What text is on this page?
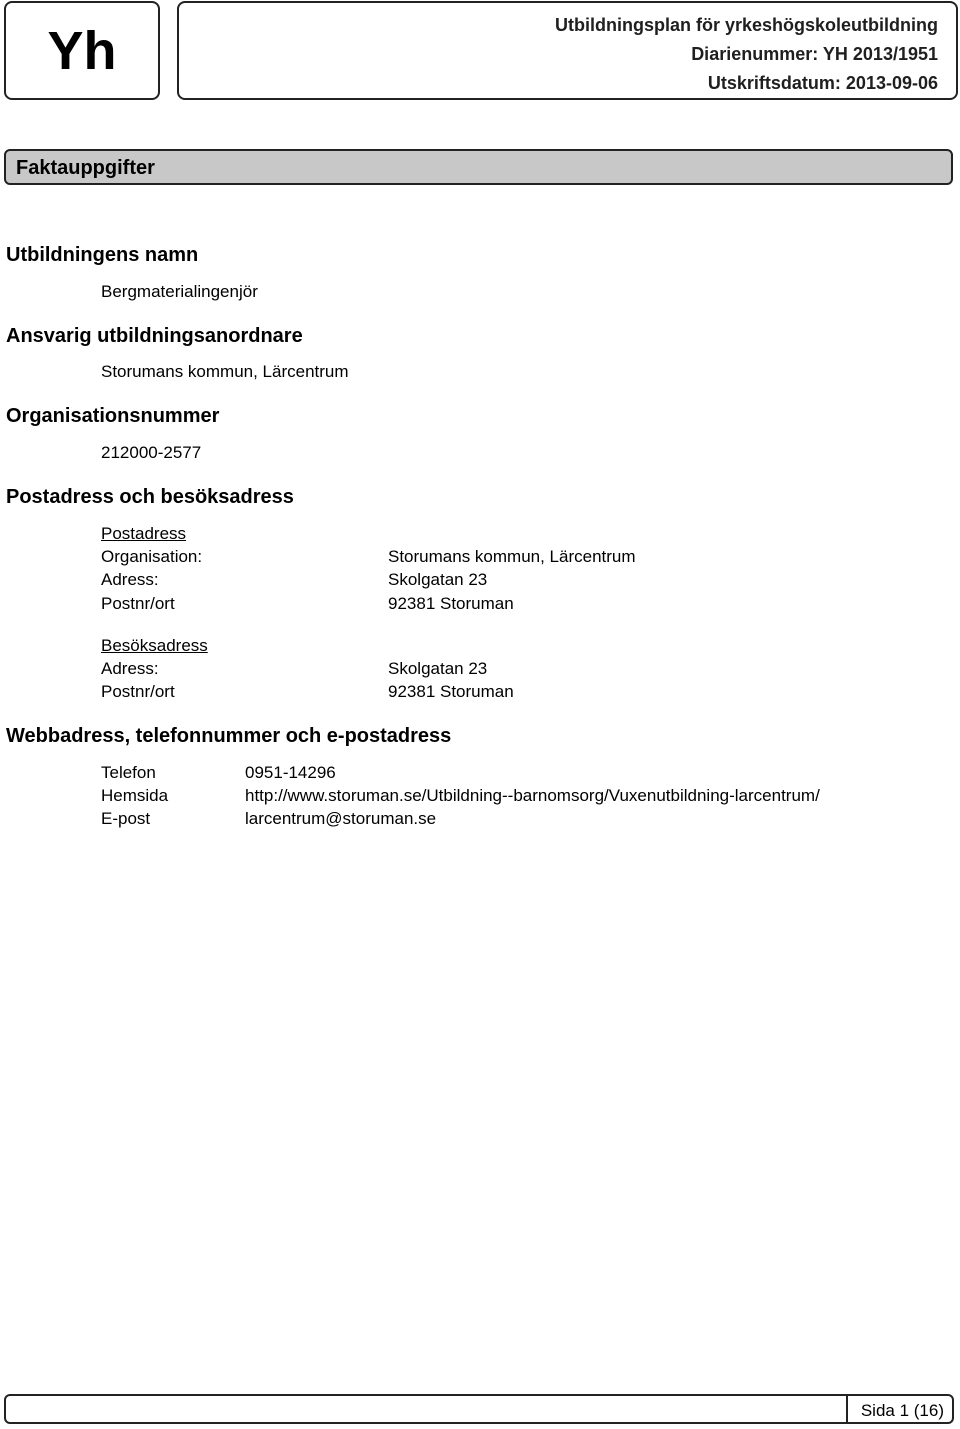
Yh	Utbildningsplan för yrkeshögskoleutbildning
Diarienummer: YH 2013/1951
Utskriftsdatum: 2013-09-06
Faktauppgifter
Utbildningens namn
Bergmaterialingenjör
Ansvarig utbildningsanordnare
Storumans kommun, Lärcentrum
Organisationsnummer
212000-2577
Postadress och besöksadress
Postadress
Organisation:	Storumans kommun, Lärcentrum
Adress:	Skolgatan 23
Postnr/ort	92381 Storuman
Besöksadress
Adress:	Skolgatan 23
Postnr/ort	92381 Storuman
Webbadress, telefonnummer och e-postadress
Telefon	0951-14296
Hemsida	http://www.storuman.se/Utbildning--barnomsorg/Vuxenutbildning-larcentrum/
E-post	larcentrum@storuman.se
Sida 1 (16)
